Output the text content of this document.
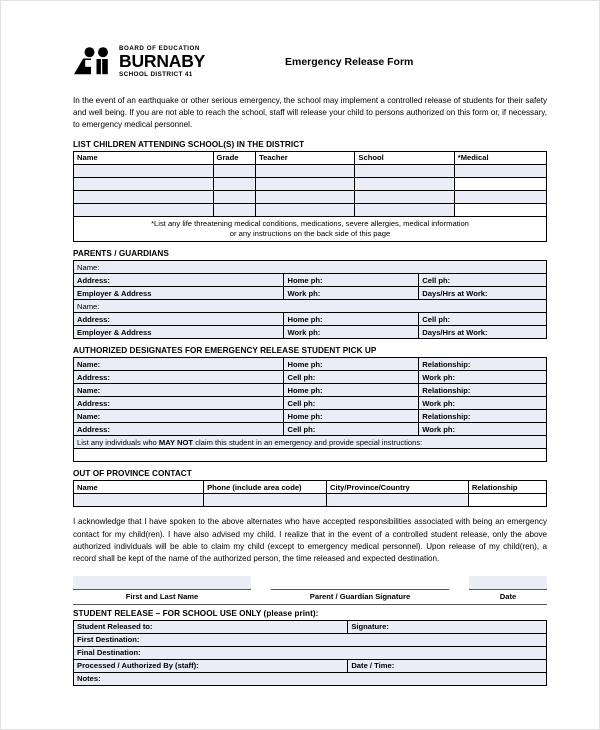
BOARD OF EDUCATION
BURNABY
SCHOOL DISTRICT 41
Emergency Release Form

In the event of an earthquake or other serious emergency, the school may implement a controlled release of students for their safety and well being. If you are not able to reach the school, staff will release your child to persons authorized on this form or, if necessary, to emergency medical personnel.

LIST CHILDREN ATTENDING SCHOOL(S) IN THE DISTRICT
Name	Grade	Teacher	School	*Medical

*List any life threatening medical conditions, medications, severe allergies, medical information
or any instructions on the back side of this page				
PARENTS / GUARDIANS
Name:		
Address:	Home ph:	Cell ph:
Employer & Address	Work ph:	Days/Hrs at Work:
Name:		
Address:	Home ph:	Cell ph:
Employer & Address	Work ph:	Days/Hrs at Work:
AUTHORIZED DESIGNATES FOR EMERGENCY RELEASE STUDENT PICK UP
Name:	Home ph:	Relationship:
Address:	Cell ph:	Work ph:
Name:	Home ph:	Relationship:
Address:	Cell ph:	Work ph:
Name:	Home ph:	Relationship:
Address:	Cell ph:	Work ph:
List any individuals who MAY NOT claim this student in an emergency and provide special instructions:		

OUT OF PROVINCE CONTACT
Name	Phone (include area code)	City/Province/Country	Relationship

I acknowledge that I have spoken to the above alternates who have accepted responsibilities associated with being an emergency contact for my child(ren). I have also advised my child. I realize that in the event of a controlled student release, only the above authorized individuals will be able to claim my child (except to emergency medical personnel). Upon release of my child(ren), a record shall be kept of the name of the authorized person, the time released and expected destination.

First and Last Name	Parent / Guardian Signature	Date
STUDENT RELEASE – FOR SCHOOL USE ONLY (please print):
Student Released to:	Signature:
First Destination:	
Final Destination:	
Processed / Authorized By (staff):	Date / Time:
Notes:	
